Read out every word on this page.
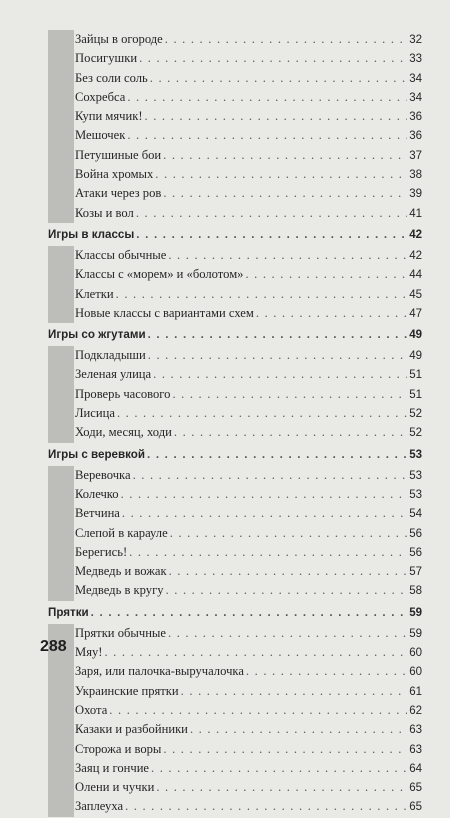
Зайцы в огороде . . .	32
Посигушки . . .	33
Без соли соль . . .	34
Сохребса . . .	34
Купи мячик! . . .	36
Мешочек . . .	36
Петушиные бои . . .	37
Война хромых . . .	38
Атаки через ров . . .	39
Козы и вол . . .	41
Игры в классы . . .	42
Классы обычные . . .	42
Классы с «морем» и «болотом» . . .	44
Клетки . . .	45
Новые классы с вариантами схем . . .	47
Игры со жгутами . . .	49
Подкладыши . . .	49
Зеленая улица . . .	51
Проверь часового . . .	51
Лисица . . .	52
Ходи, месяц, ходи . . .	52
Игры с веревкой . . .	53
Веревочка . . .	53
Колечко . . .	53
Ветчина . . .	54
Слепой в карауле . . .	56
Берегись! . . .	56
Медведь и вожак . . .	57
Медведь в кругу . . .	58
Прятки . . .	59
Прятки обычные . . .	59
Мяу! . . .	60
Заря, или палочка-выручалочка . . .	60
Украинские прятки . . .	61
Охота . . .	62
Казаки и разбойники . . .	63
Сторожа и воры . . .	63
Заяц и гончие . . .	64
Олени и чучки . . .	65
Заплеуха . . .	65
288
